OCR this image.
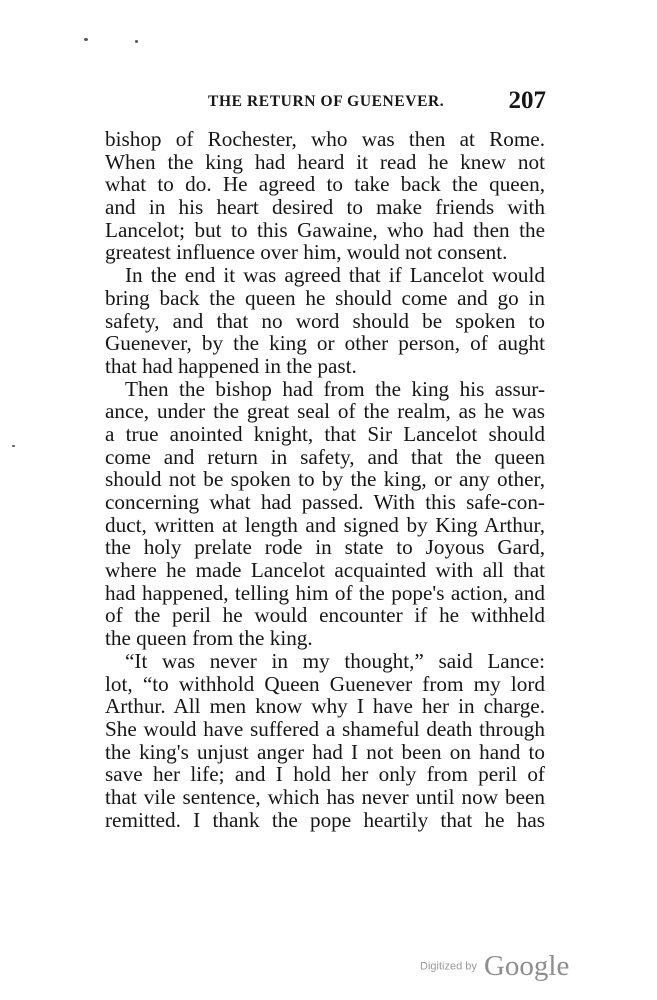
THE RETURN OF GUENEVER.	207
bishop of Rochester, who was then at Rome.
When the king had heard it read he knew not
what to do. He agreed to take back the queen,
and in his heart desired to make friends with
Lancelot; but to this Gawaine, who had then the
greatest influence over him, would not consent.
In the end it was agreed that if Lancelot would
bring back the queen he should come and go in
safety, and that no word should be spoken to
Guenever, by the king or other person, of aught
that had happened in the past.
Then the bishop had from the king his assur-
ance, under the great seal of the realm, as he was
a true anointed knight, that Sir Lancelot should
come and return in safety, and that the queen
should not be spoken to by the king, or any other,
concerning what had passed. With this safe-con-
duct, written at length and signed by King Arthur,
the holy prelate rode in state to Joyous Gard,
where he made Lancelot acquainted with all that
had happened, telling him of the pope's action, and
of the peril he would encounter if he withheld
the queen from the king.
“It was never in my thought,” said Lance:
lot, “to withhold Queen Guenever from my lord
Arthur. All men know why I have her in charge.
She would have suffered a shameful death through
the king's unjust anger had I not been on hand to
save her life; and I hold her only from peril of
that vile sentence, which has never until now been
remitted. I thank the pope heartily that he has
Digitized by Google
